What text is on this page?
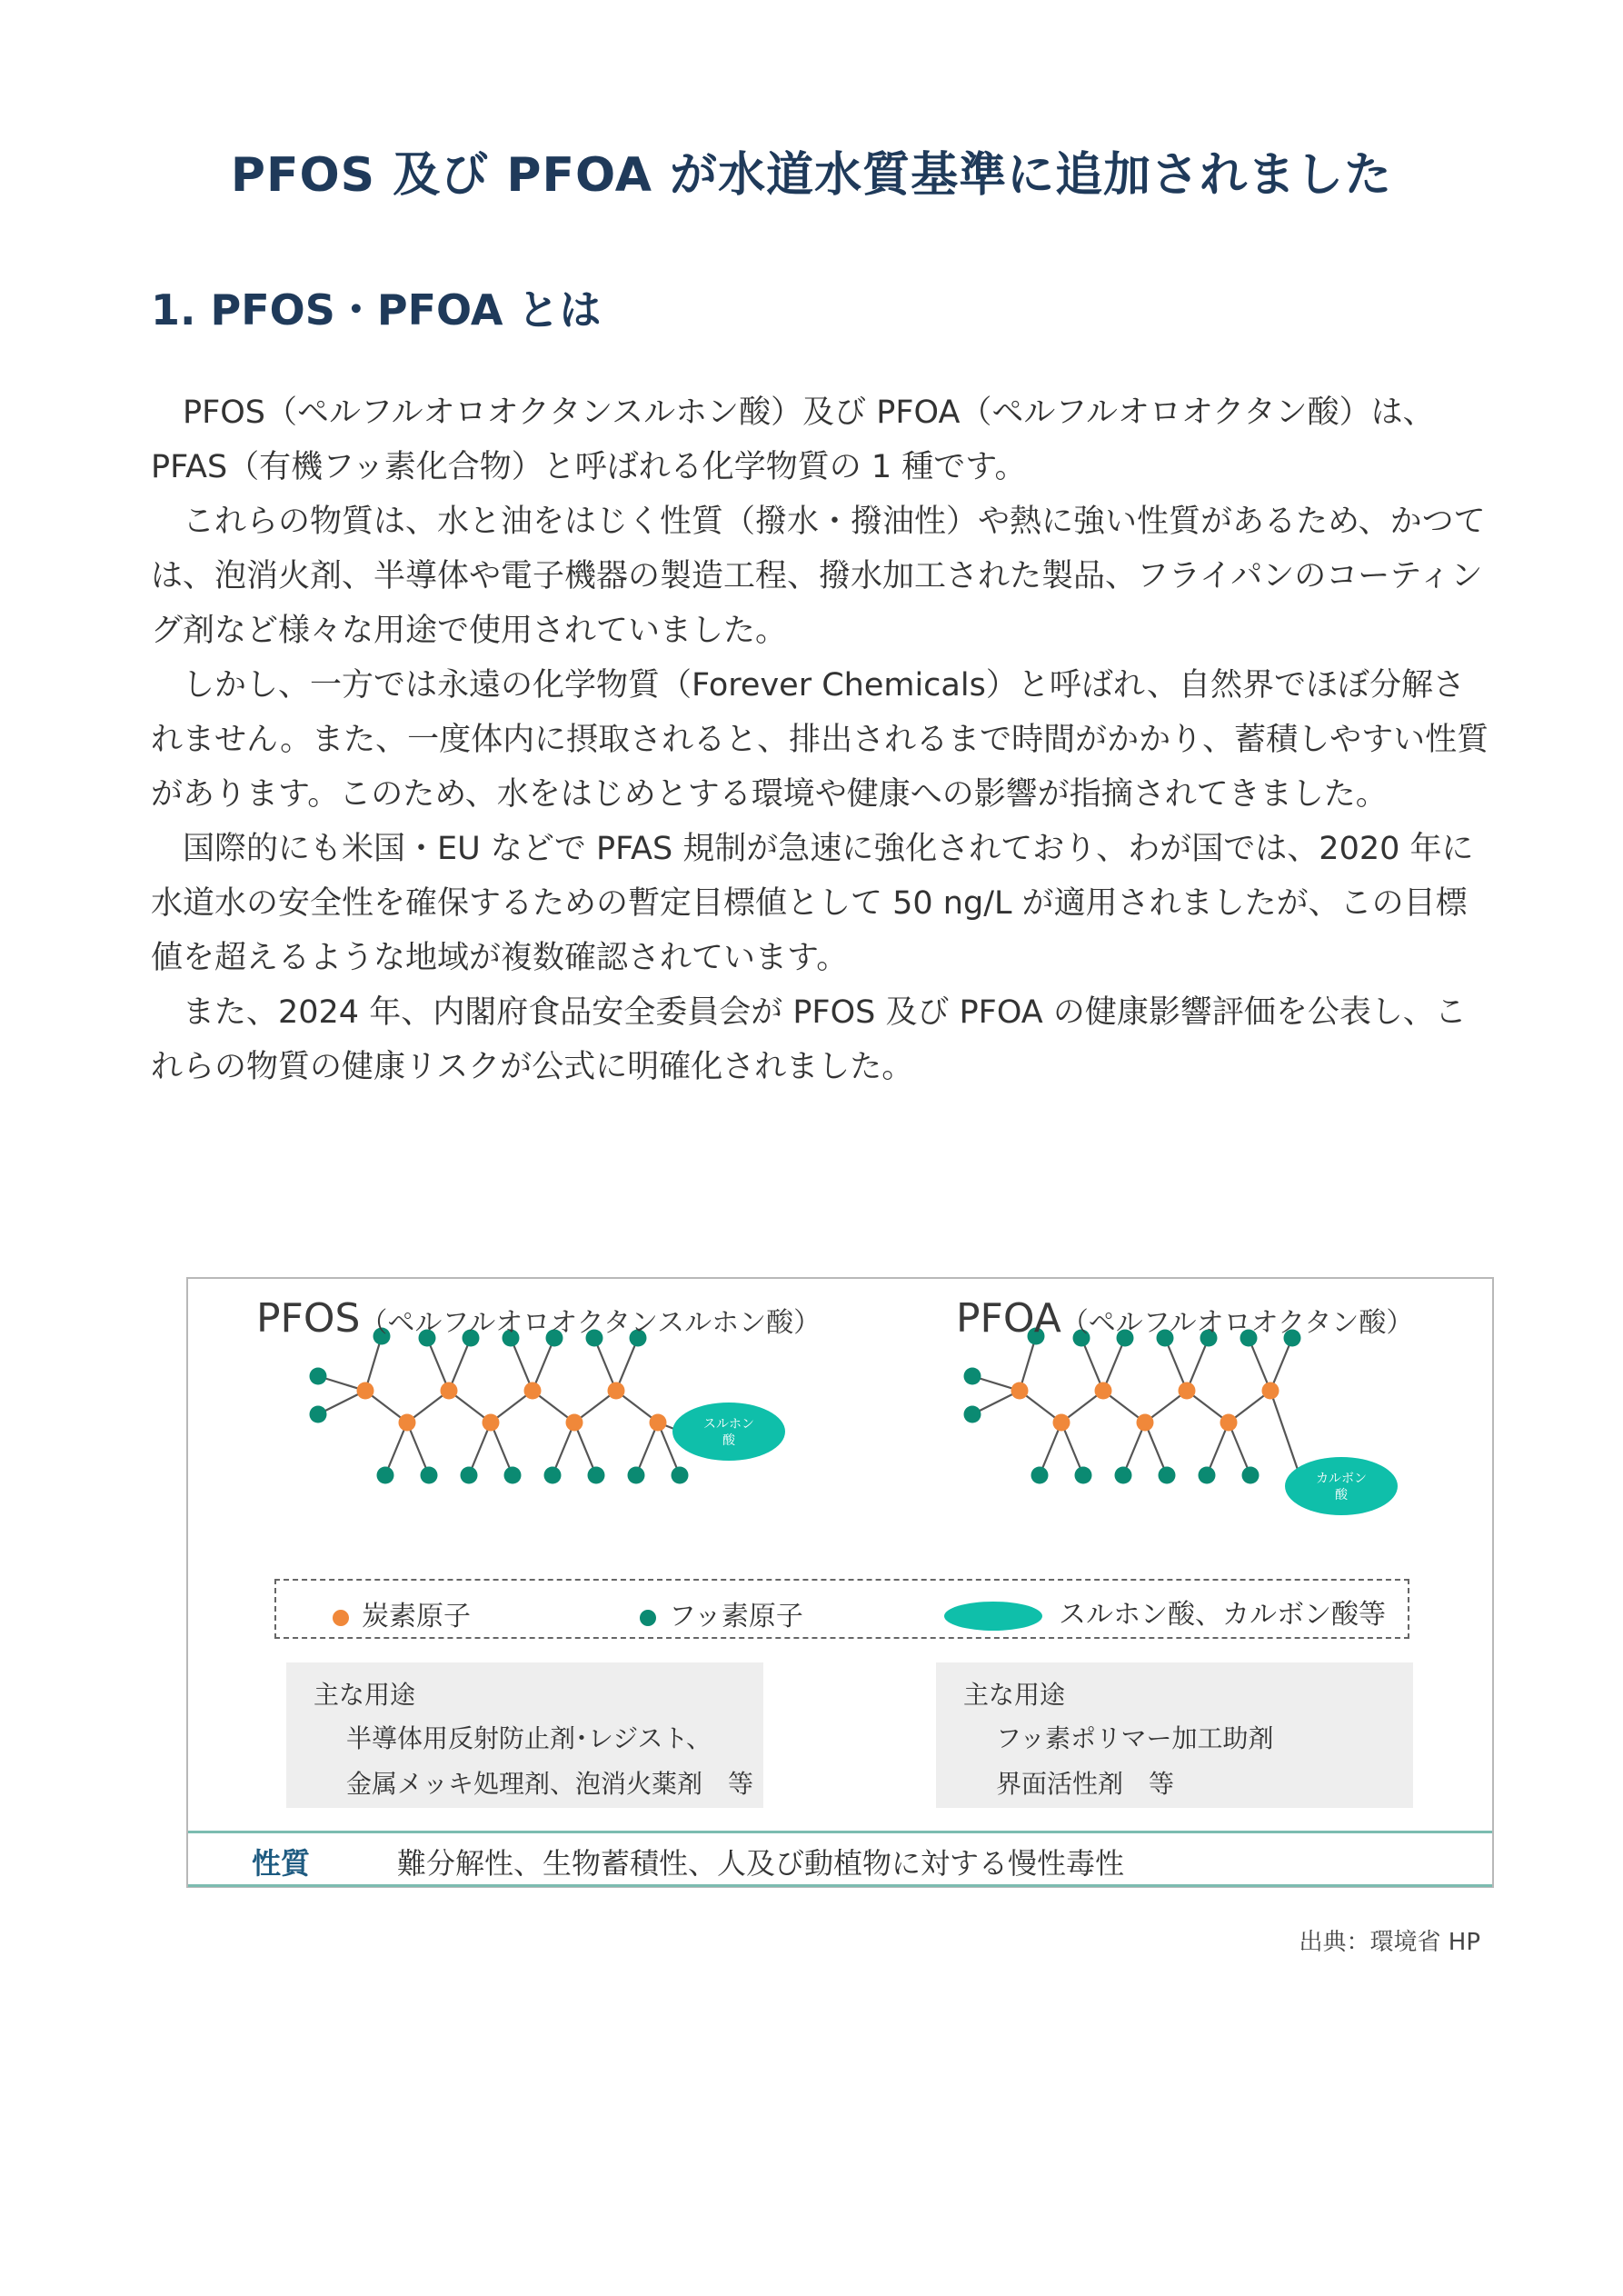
PFOS 及び PFOA が水道水質基準に追加されました
1. PFOS・PFOA とは

PFOS（ペルフルオロオクタンスルホン酸）及び PFOA（ペルフルオロオクタン酸）は、PFAS（有機フッ素化合物）と呼ばれる化学物質の 1 種です。

これらの物質は、水と油をはじく性質（撥水・撥油性）や熱に強い性質があるため、かつては、泡消火剤、半導体や電子機器の製造工程、撥水加工された製品、フライパンのコーティング剤など様々な用途で使用されていました。

しかし、一方では永遠の化学物質（Forever Chemicals）と呼ばれ、自然界でほぼ分解されません。また、一度体内に摂取されると、排出されるまで時間がかかり、蓄積しやすい性質があります。このため、水をはじめとする環境や健康への影響が指摘されてきました。

国際的にも米国・EU などで PFAS 規制が急速に強化されており、わが国では、2020 年に水道水の安全性を確保するための暫定目標値として 50 ng/L が適用されましたが、この目標値を超えるような地域が複数確認されています。

また、2024 年、内閣府食品安全委員会が PFOS 及び PFOA の健康影響評価を公表し、これらの物質の健康リスクが公式に明確化されました。

スルホン
酸
カルボン
酸
PFOS（ペルフルオロオクタンスルホン酸）	PFOA（ペルフルオロオクタン酸）
炭素原子	フッ素原子	スルホン酸、カルボン酸等
主な用途
半導体用反射防止剤･レジスト、
金属メッキ処理剤、泡消火薬剤　等
主な用途
フッ素ポリマー加工助剤
界面活性剤　等
性質	難分解性、生物蓄積性、人及び動植物に対する慢性毒性
出典：環境省 HP
